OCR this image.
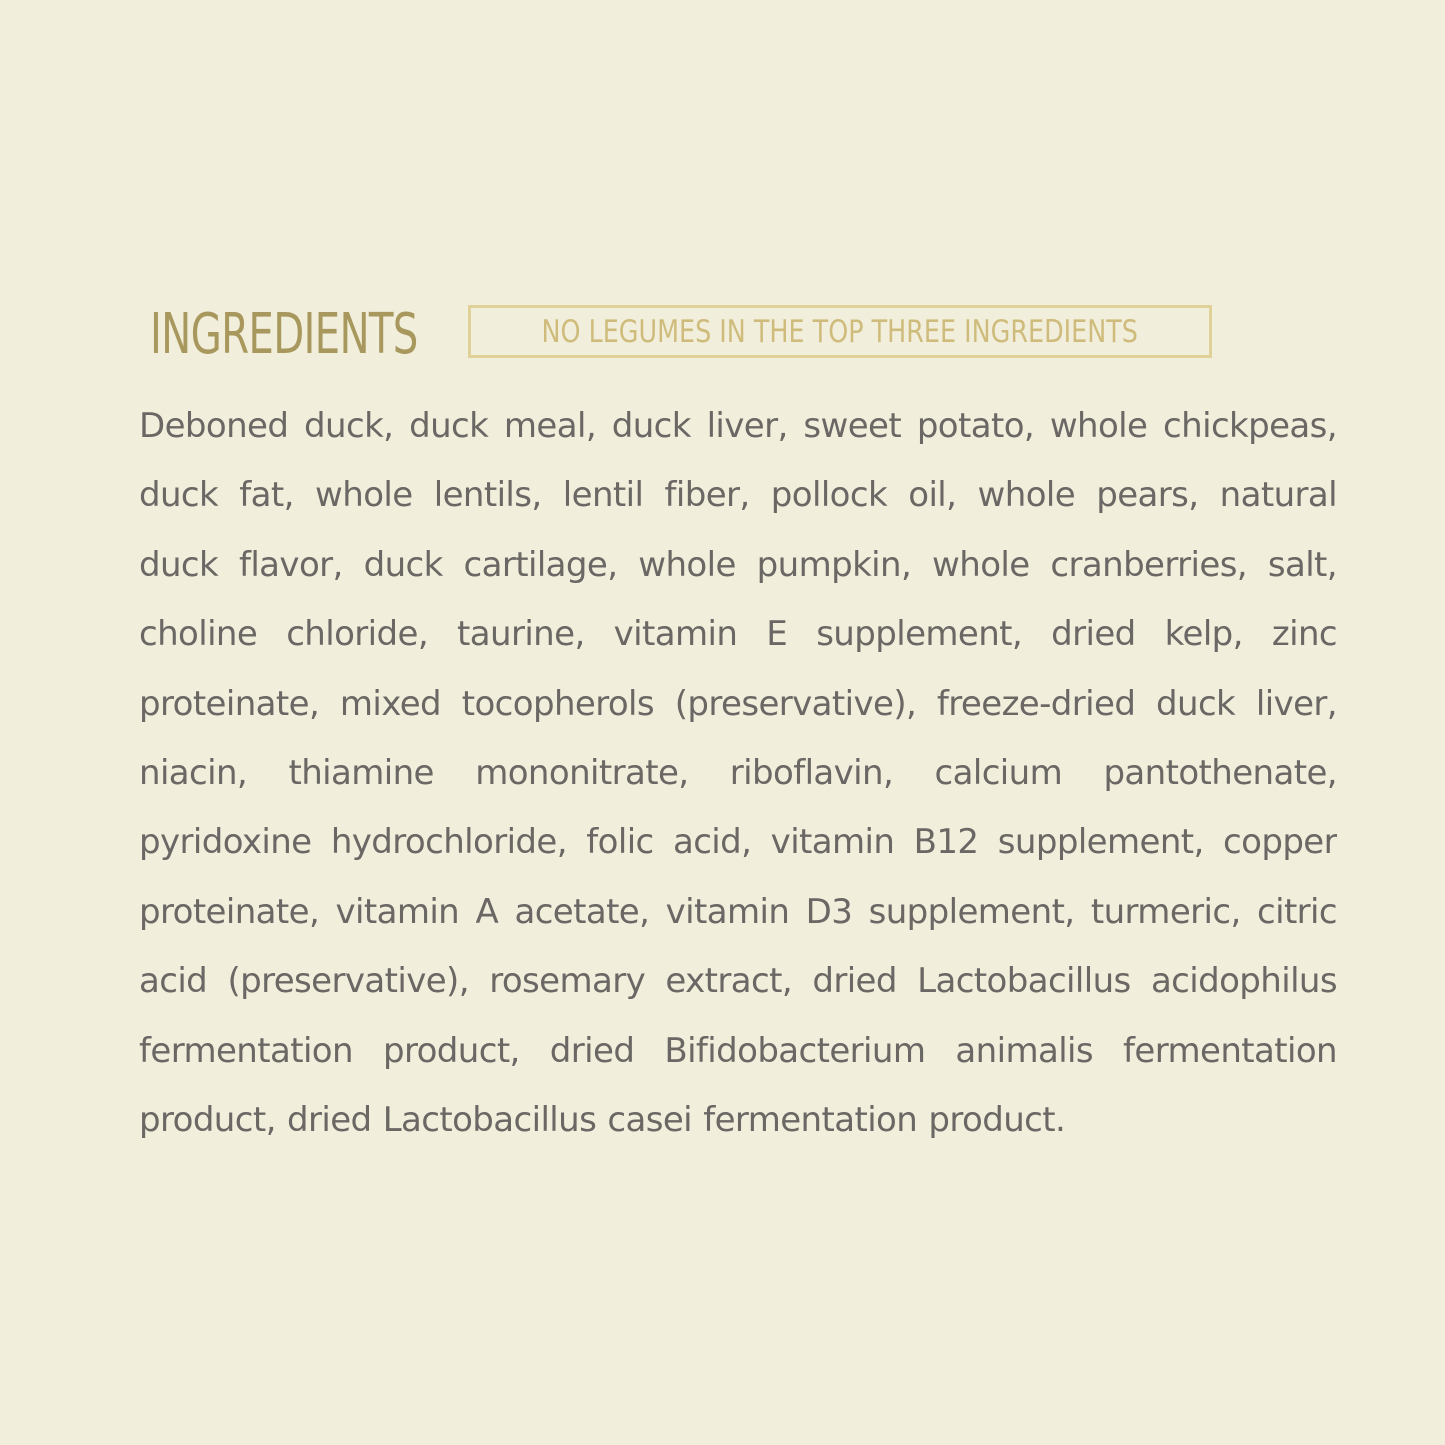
INGREDIENTS	NO LEGUMES IN THE TOP THREE INGREDIENTS
Deboned duck, duck meal, duck liver, sweet potato, whole chickpeas,
duck fat, whole lentils, lentil fiber, pollock oil, whole pears, natural
duck flavor, duck cartilage, whole pumpkin, whole cranberries, salt,
choline chloride, taurine, vitamin E supplement, dried kelp, zinc
proteinate, mixed tocopherols (preservative), freeze-dried duck liver,
niacin, thiamine mononitrate, riboflavin, calcium pantothenate,
pyridoxine hydrochloride, folic acid, vitamin B12 supplement, copper
proteinate, vitamin A acetate, vitamin D3 supplement, turmeric, citric
acid (preservative), rosemary extract, dried Lactobacillus acidophilus
fermentation product, dried Bifidobacterium animalis fermentation
product, dried Lactobacillus casei fermentation product.
